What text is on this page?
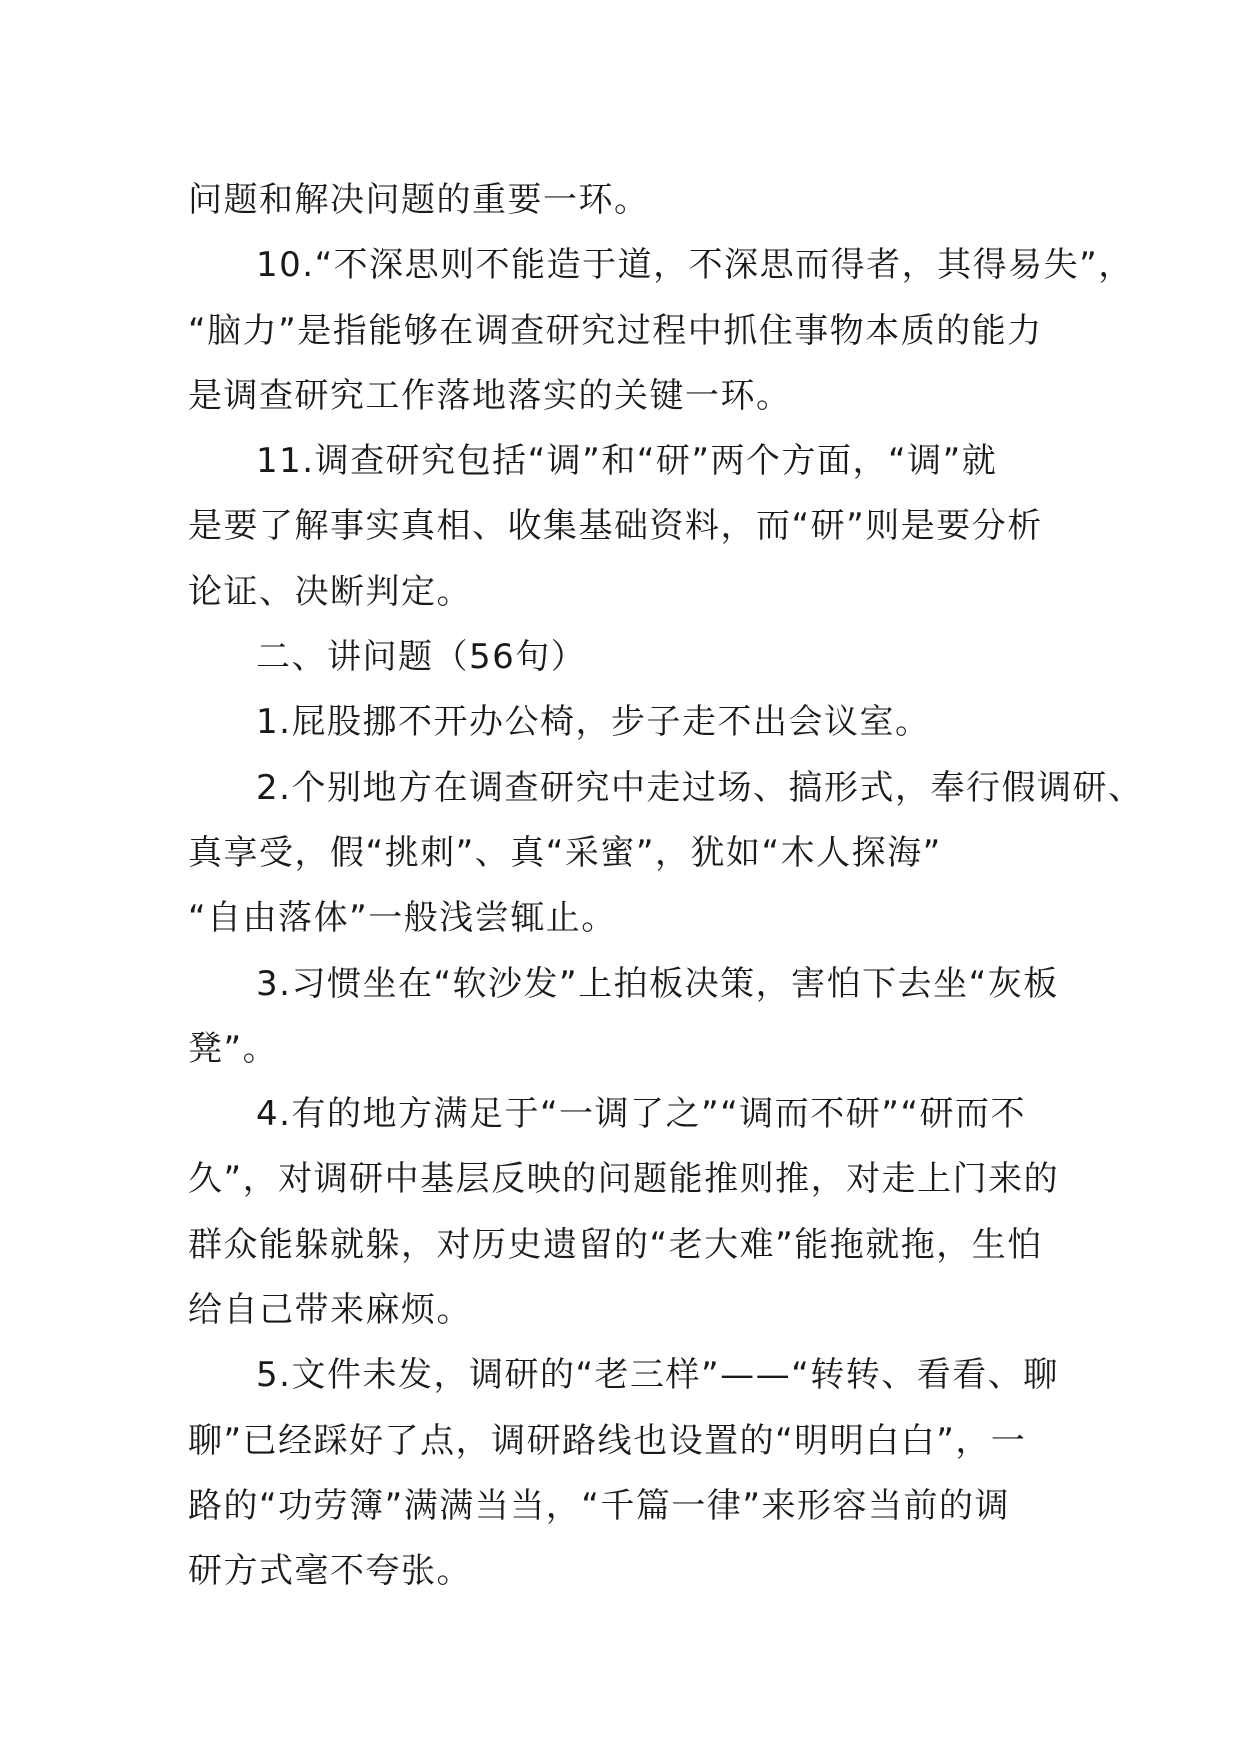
问题和解决问题的重要一环。
10.“不深思则不能造于道，不深思而得者，其得易失”，
“脑力”是指能够在调查研究过程中抓住事物本质的能力
是调查研究工作落地落实的关键一环。
11.调查研究包括“调”和“研”两个方面，“调”就
是要了解事实真相、收集基础资料，而“研”则是要分析
论证、决断判定。
二、讲问题（56句）
1.屁股挪不开办公椅，步子走不出会议室。
2.个别地方在调查研究中走过场、搞形式，奉行假调研、
真享受，假“挑刺”、真“采蜜”，犹如“木人探海”
“自由落体”一般浅尝辄止。
3.习惯坐在“软沙发”上拍板决策，害怕下去坐“灰板
凳”。
4.有的地方满足于“一调了之”“调而不研”“研而不
久”，对调研中基层反映的问题能推则推，对走上门来的
群众能躲就躲，对历史遗留的“老大难”能拖就拖，生怕
给自己带来麻烦。
5.文件未发，调研的“老三样”——“转转、看看、聊
聊”已经踩好了点，调研路线也设置的“明明白白”，一
路的“功劳簿”满满当当，“千篇一律”来形容当前的调
研方式毫不夸张。
